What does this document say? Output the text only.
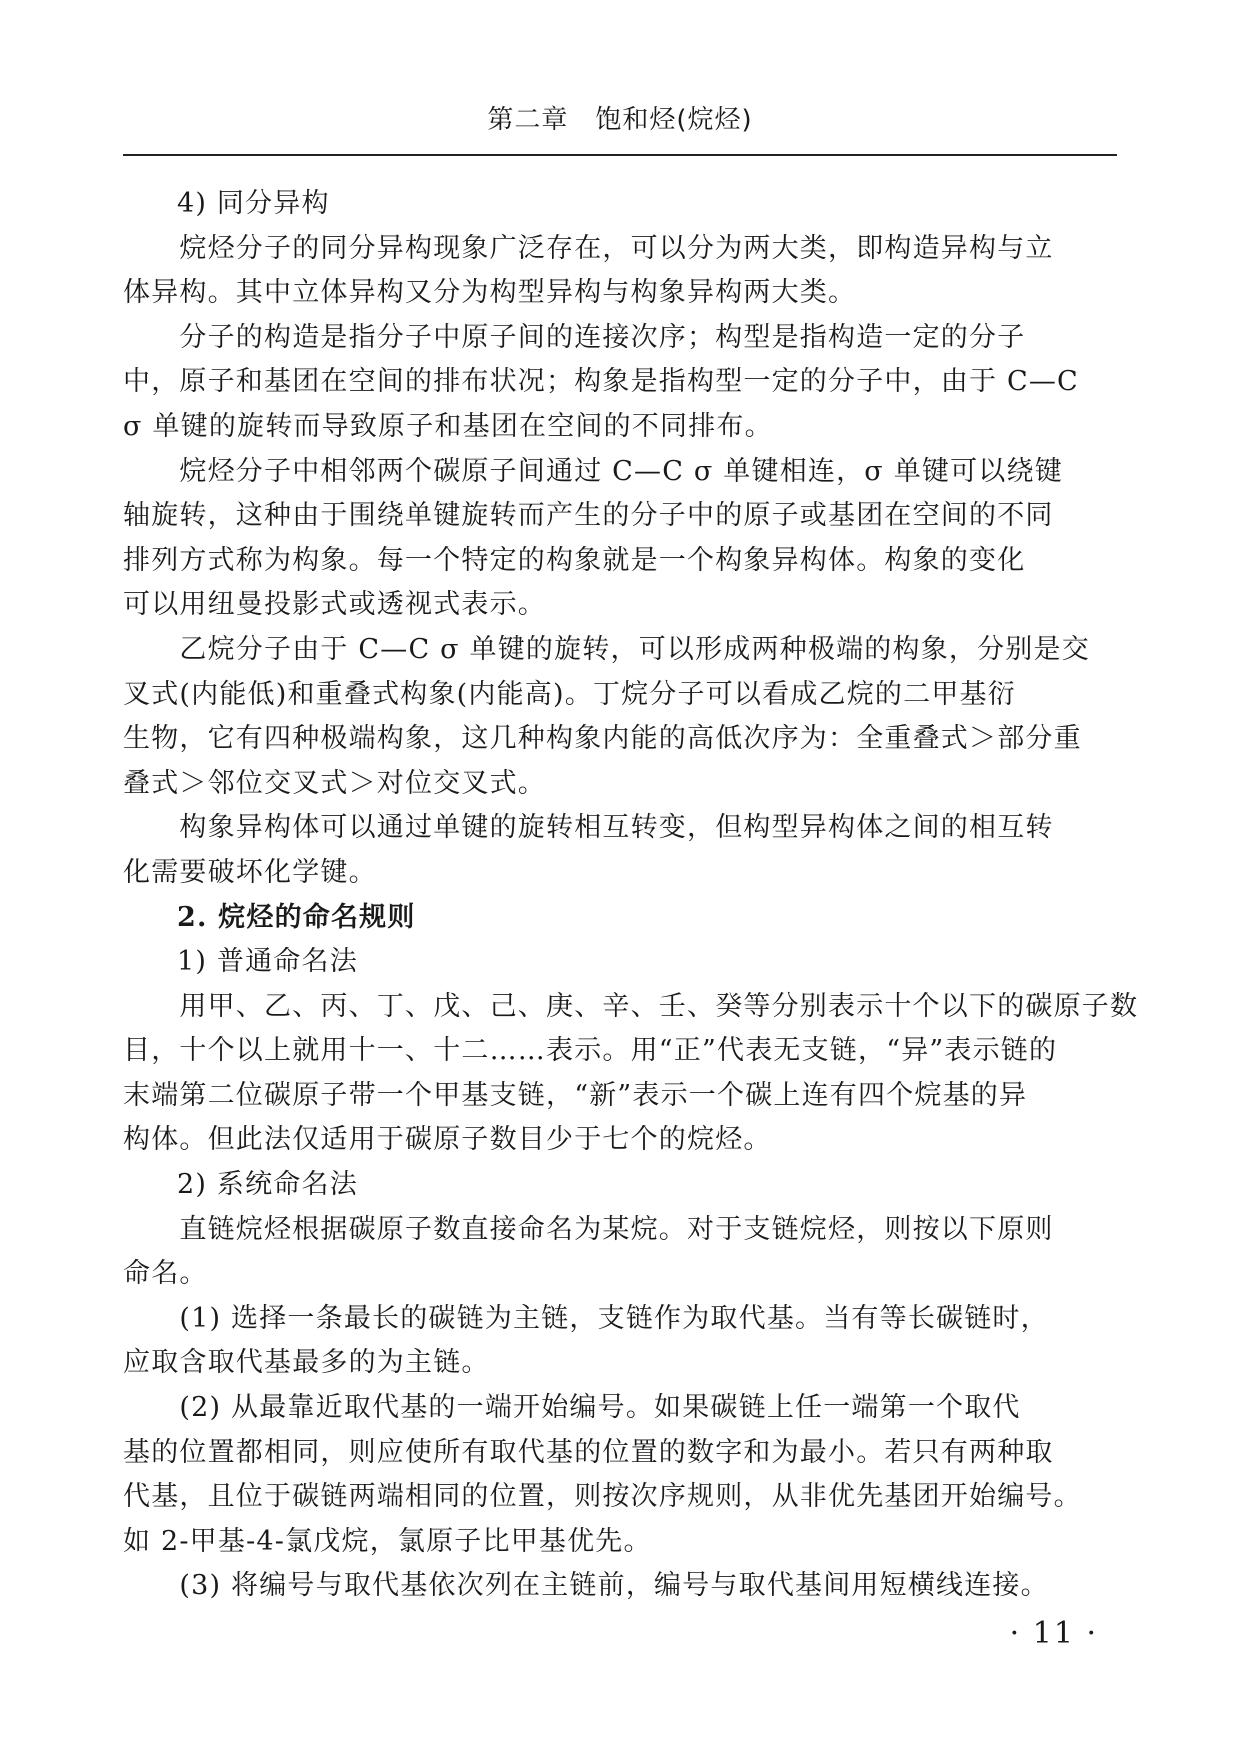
第二章　饱和烃(烷烃)
4) 同分异构
　　烷烃分子的同分异构现象广泛存在，可以分为两大类，即构造异构与立
体异构。其中立体异构又分为构型异构与构象异构两大类。
　　分子的构造是指分子中原子间的连接次序；构型是指构造一定的分子
中，原子和基团在空间的排布状况；构象是指构型一定的分子中，由于 C—C
σ 单键的旋转而导致原子和基团在空间的不同排布。
　　烷烃分子中相邻两个碳原子间通过 C—C σ 单键相连，σ 单键可以绕键
轴旋转，这种由于围绕单键旋转而产生的分子中的原子或基团在空间的不同
排列方式称为构象。每一个特定的构象就是一个构象异构体。构象的变化
可以用纽曼投影式或透视式表示。
　　乙烷分子由于 C—C σ 单键的旋转，可以形成两种极端的构象，分别是交
叉式(内能低)和重叠式构象(内能高)。丁烷分子可以看成乙烷的二甲基衍
生物，它有四种极端构象，这几种构象内能的高低次序为：全重叠式＞部分重
叠式＞邻位交叉式＞对位交叉式。
　　构象异构体可以通过单键的旋转相互转变，但构型异构体之间的相互转
化需要破坏化学键。
2. 烷烃的命名规则
1) 普通命名法
　　用甲、乙、丙、丁、戊、己、庚、辛、壬、癸等分别表示十个以下的碳原子数
目，十个以上就用十一、十二……表示。用“正”代表无支链，“异”表示链的
末端第二位碳原子带一个甲基支链，“新”表示一个碳上连有四个烷基的异
构体。但此法仅适用于碳原子数目少于七个的烷烃。
2) 系统命名法
　　直链烷烃根据碳原子数直接命名为某烷。对于支链烷烃，则按以下原则
命名。
　　(1) 选择一条最长的碳链为主链，支链作为取代基。当有等长碳链时，
应取含取代基最多的为主链。
　　(2) 从最靠近取代基的一端开始编号。如果碳链上任一端第一个取代
基的位置都相同，则应使所有取代基的位置的数字和为最小。若只有两种取
代基，且位于碳链两端相同的位置，则按次序规则，从非优先基团开始编号。
如 2-甲基-4-氯戊烷，氯原子比甲基优先。
　　(3) 将编号与取代基依次列在主链前，编号与取代基间用短横线连接。
· 11 ·
